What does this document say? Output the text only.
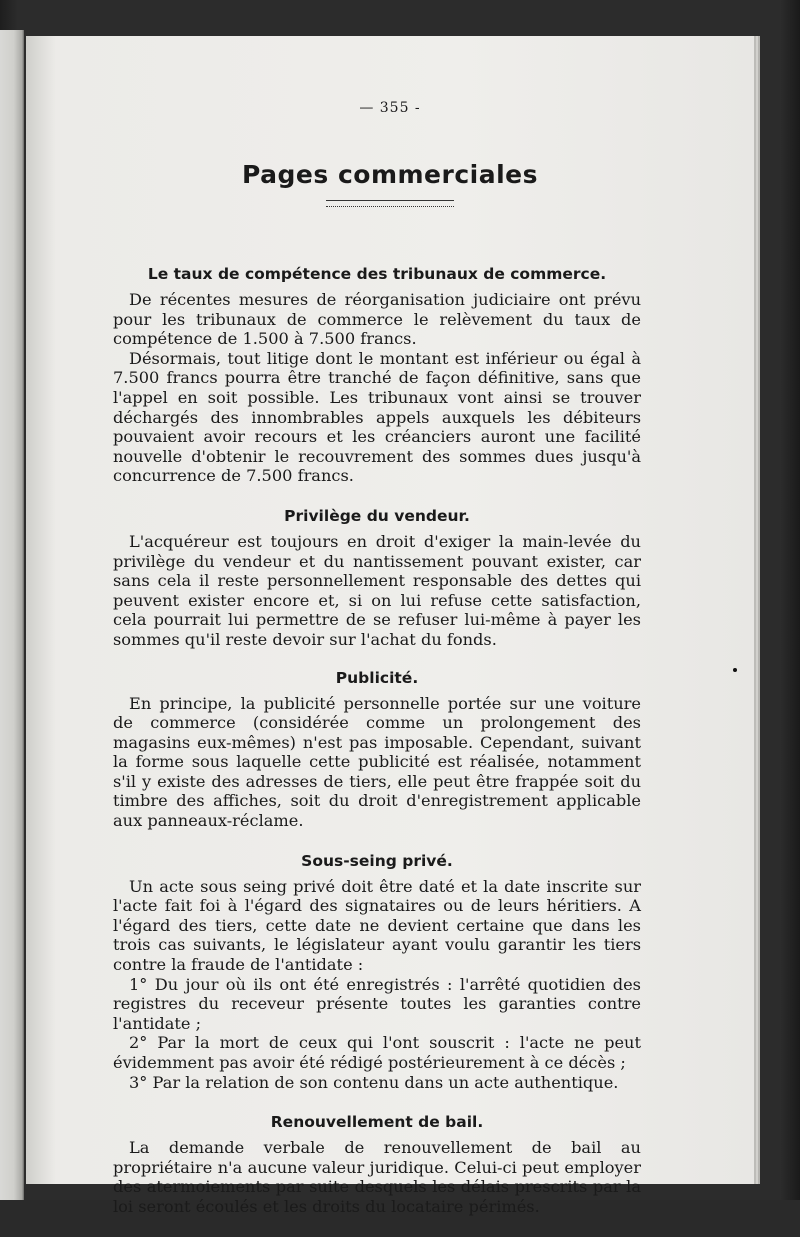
— 355 -
Pages commerciales
Le taux de compétence des tribunaux de commerce.

De récentes mesures de réorganisation judiciaire ont prévu pour les tribunaux de commerce le relèvement du taux de compétence de 1.500 à 7.500 francs.

Désormais, tout litige dont le montant est inférieur ou égal à 7.500 francs pourra être tranché de façon définitive, sans que l'appel en soit possible. Les tribunaux vont ainsi se trouver déchargés des innombrables appels auxquels les débiteurs pouvaient avoir recours et les créanciers auront une facilité nouvelle d'obtenir le recouvrement des sommes dues jusqu'à concurrence de 7.500 francs.

Privilège du vendeur.

L'acquéreur est toujours en droit d'exiger la main-levée du privilège du vendeur et du nantissement pouvant exister, car sans cela il reste personnellement responsable des dettes qui peuvent exister encore et, si on lui refuse cette satisfaction, cela pourrait lui permettre de se refuser lui-même à payer les sommes qu'il reste devoir sur l'achat du fonds.

Publicité.

En principe, la publicité personnelle portée sur une voiture de commerce (considérée comme un prolongement des magasins eux-mêmes) n'est pas imposable. Cependant, suivant la forme sous laquelle cette publicité est réalisée, notamment s'il y existe des adresses de tiers, elle peut être frappée soit du timbre des affiches, soit du droit d'enregistrement applicable aux panneaux-réclame.

Sous-seing privé.

Un acte sous seing privé doit être daté et la date inscrite sur l'acte fait foi à l'égard des signataires ou de leurs héritiers. A l'égard des tiers, cette date ne devient certaine que dans les trois cas suivants, le législateur ayant voulu garantir les tiers contre la fraude de l'antidate :

1° Du jour où ils ont été enregistrés : l'arrêté quotidien des registres du receveur présente toutes les garanties contre l'antidate ;

2° Par la mort de ceux qui l'ont souscrit : l'acte ne peut évidemment pas avoir été rédigé postérieurement à ce décès ;

3° Par la relation de son contenu dans un acte authentique.

Renouvellement de bail.

La demande verbale de renouvellement de bail au propriétaire n'a aucune valeur juridique. Celui-ci peut employer des atermoiements par suite desquels les délais prescrits par la loi seront écoulés et les droits du locataire périmés.
